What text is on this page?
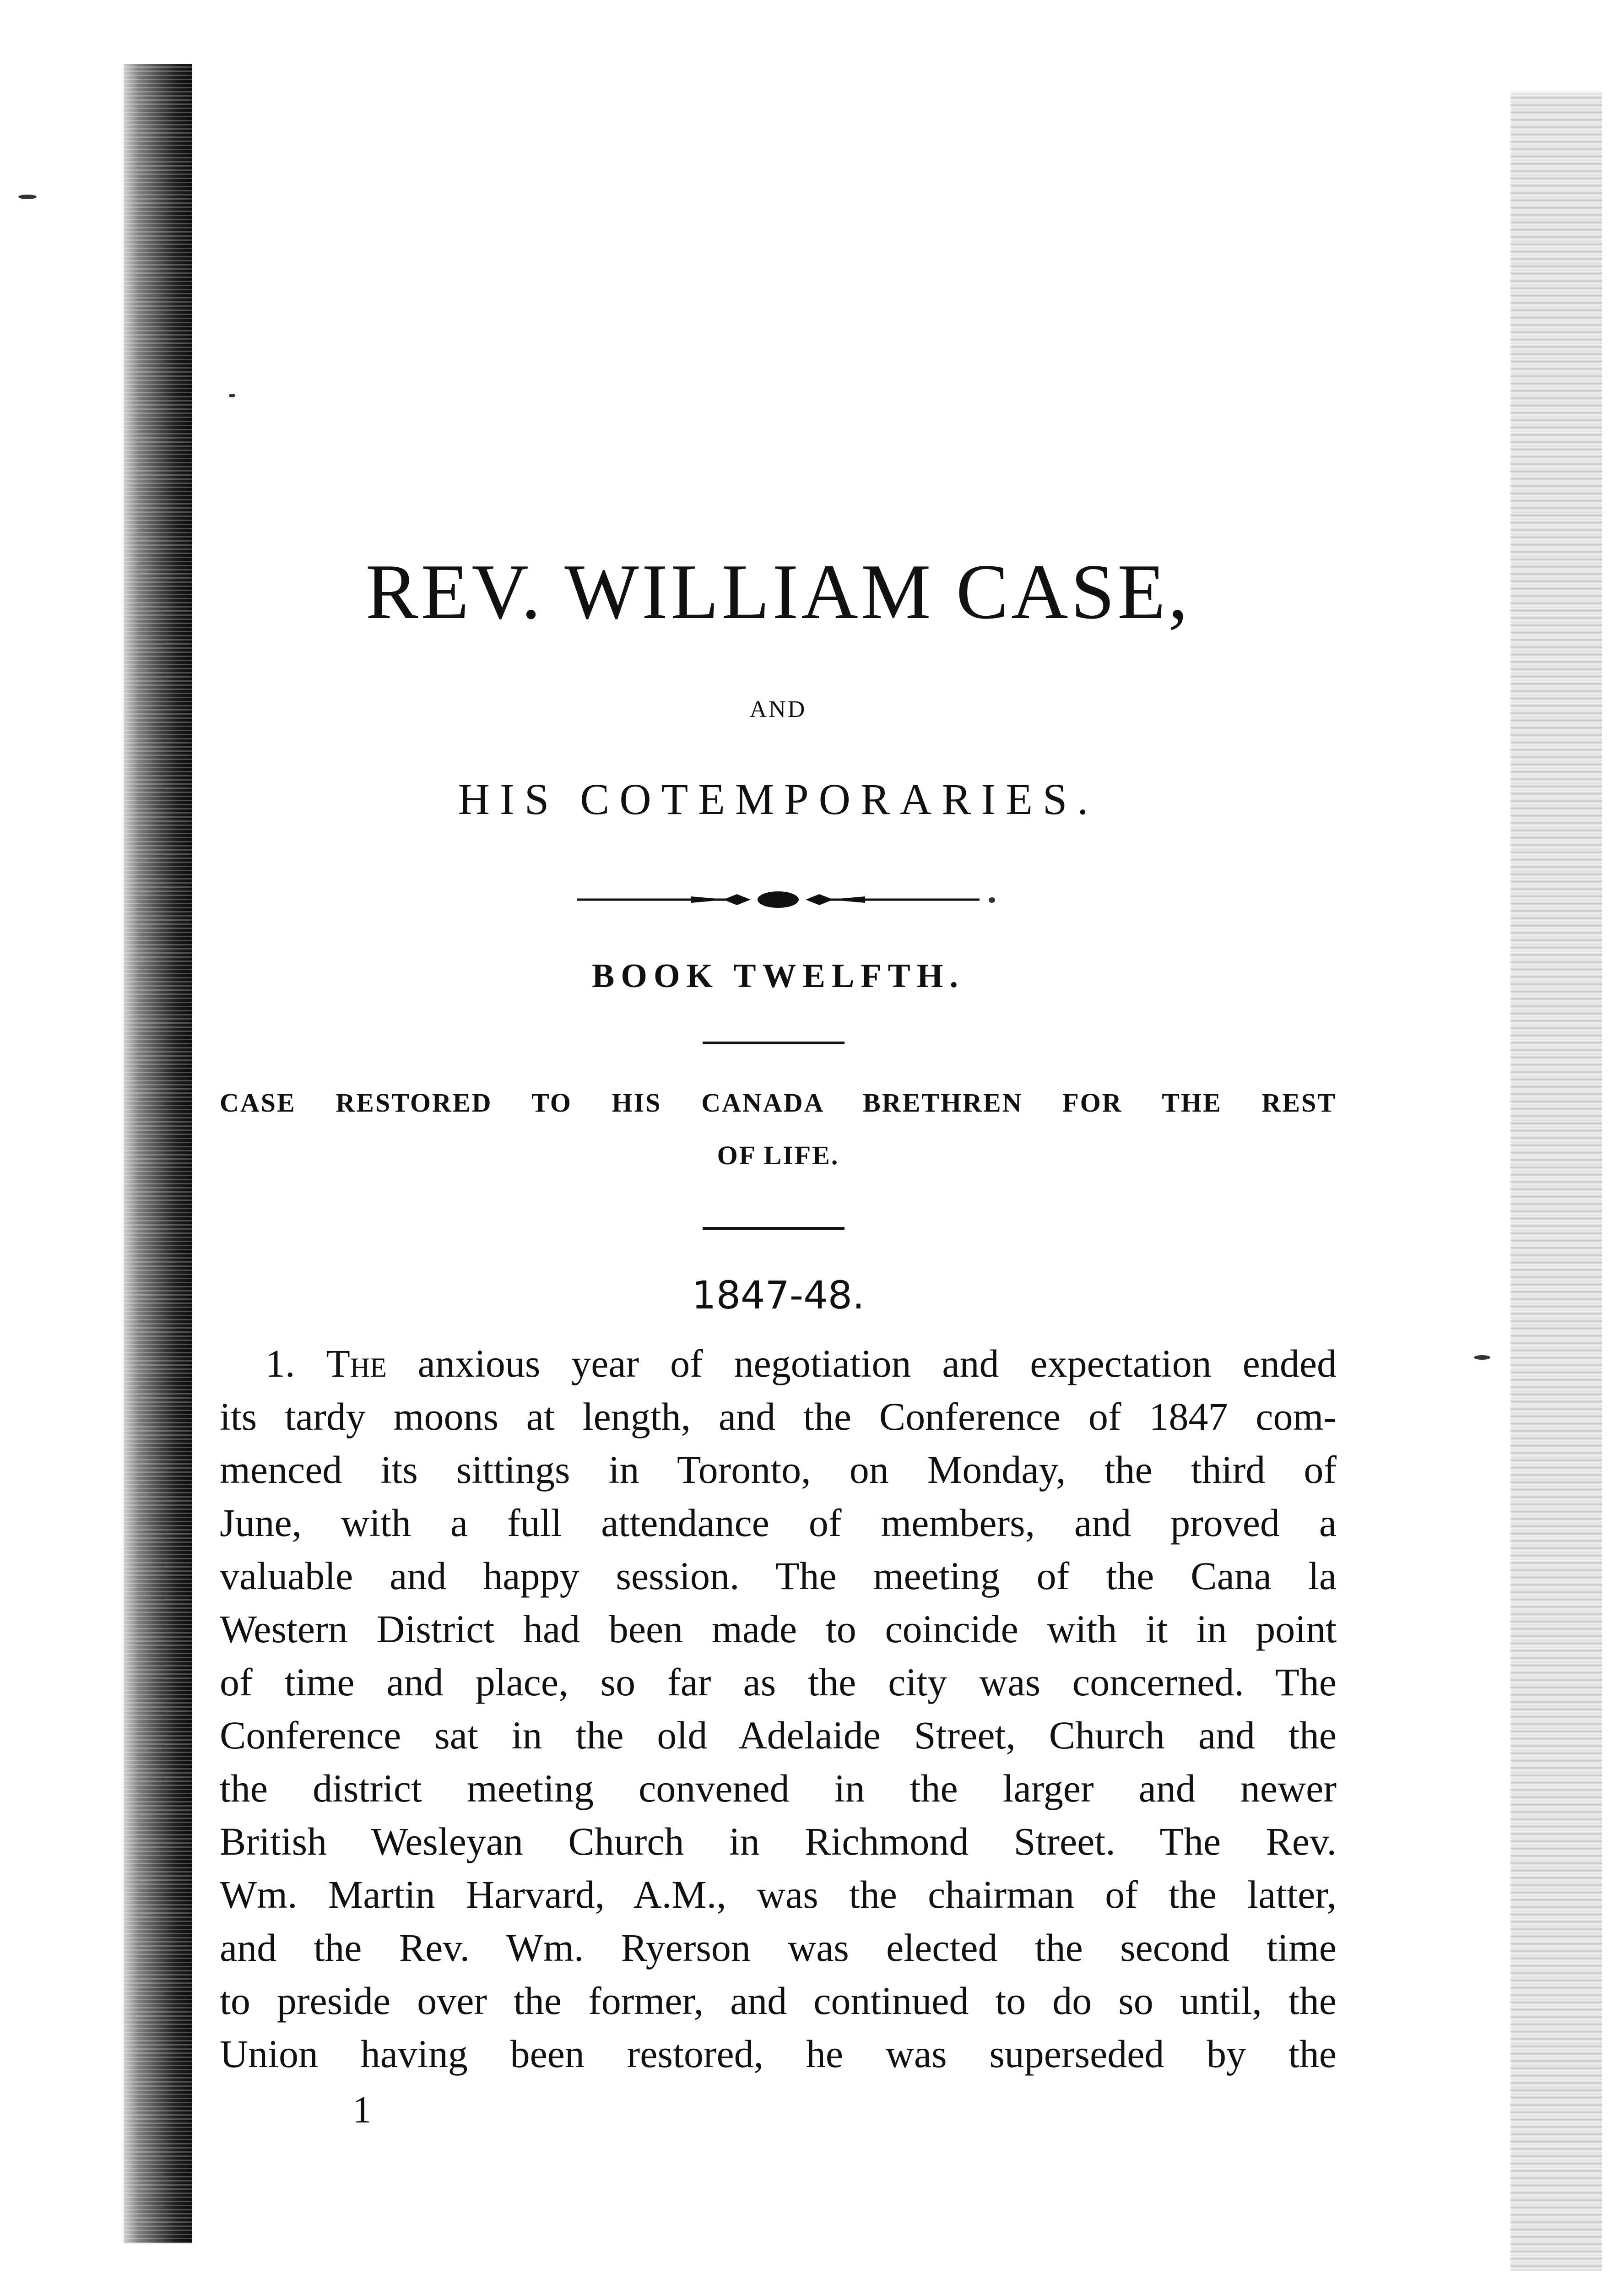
REV. WILLIAM CASE,
AND
HIS COTEMPORARIES.
BOOK TWELFTH.
CASE RESTORED TO HIS CANADA BRETHREN FOR THE REST
OF LIFE.
1847-48.
1. The anxious year of negotiation and expectation ended
its tardy moons at length, and the Conference of 1847 com-
menced its sittings in Toronto, on Monday, the third of
June, with a full attendance of members, and proved a
valuable and happy session. The meeting of the Cana la
Western District had been made to coincide with it in point
of time and place, so far as the city was concerned. The
Conference sat in the old Adelaide Street, Church and the
the district meeting convened in the larger and newer
British Wesleyan Church in Richmond Street. The Rev.
Wm. Martin Harvard, A.M., was the chairman of the latter,
and the Rev. Wm. Ryerson was elected the second time
to preside over the former, and continued to do so until, the
Union having been restored, he was superseded by the
1
